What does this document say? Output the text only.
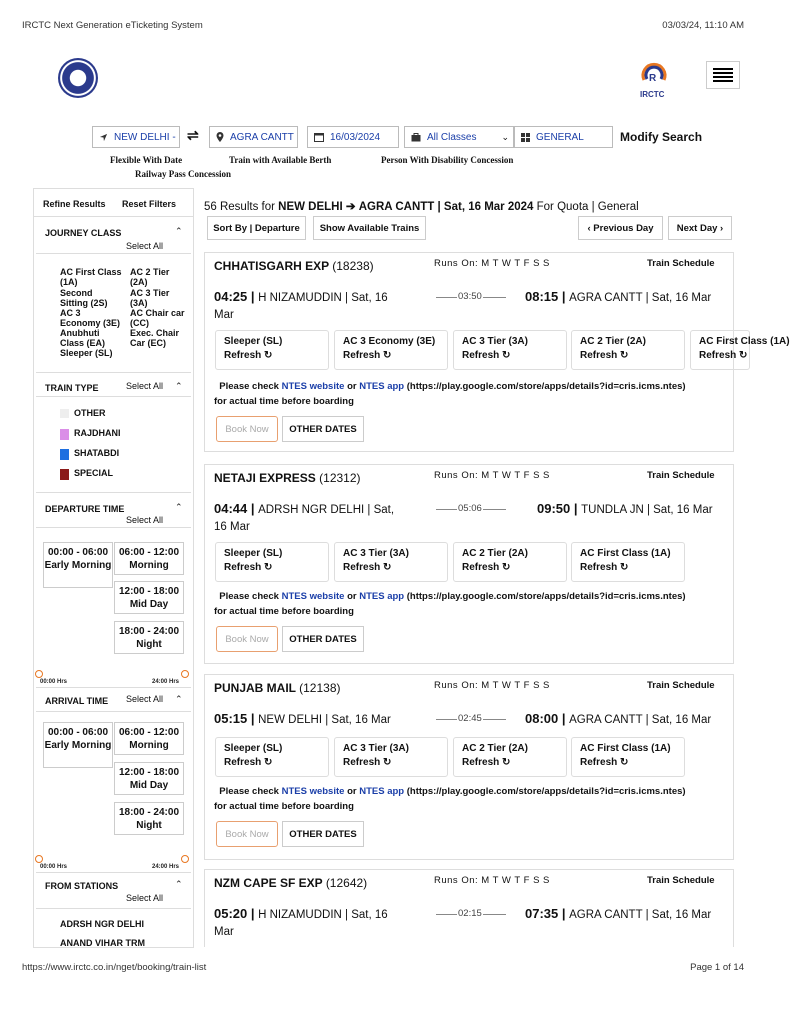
IRCTC Next Generation eTicketing System	03/03/24, 11:10 AM
R
IRCTC
NEW DELHI - ⇌	AGRA CANTT	16/03/2024	All Classes	⌄	GENERAL	Modify Search
Flexible With Date	Train with Available Berth	Person With Disability Concession
Railway Pass Concession
Refine Results Reset Filters
JOURNEY CLASS	⌃
Select All
AC First Class (1A)
AC 2 Tier (2A)
Second Sitting (2S)
AC 3 Tier (3A)
AC 3 Economy (3E)
AC Chair car (CC)
Anubhuti Class (EA)
Exec. Chair Car (EC)
Sleeper (SL)
TRAIN TYPE	Select All ⌃
OTHER
RAJDHANI
SHATABDI
SPECIAL
DEPARTURE TIME	⌃
Select All
00:00 - 06:00
Early Morning
06:00 - 12:00
Morning
12:00 - 18:00
Mid Day
18:00 - 24:00
Night
00:00 Hrs	24:00 Hrs
ARRIVAL TIME Select All ⌃
00:00 - 06:00
Early Morning
06:00 - 12:00
Morning
12:00 - 18:00
Mid Day
18:00 - 24:00
Night
00:00 Hrs	24:00 Hrs
FROM STATIONS	⌃
Select All
ADRSH NGR DELHI
ANAND VIHAR TRM
56 Results for NEW DELHI ➔ AGRA CANTT | Sat, 16 Mar 2024 For Quota | General
Sort By | Departure	Show Available Trains	‹ Previous Day Next Day ›
CHHATISGARH EXP (18238)	Runs On: M T W T F S S	Train Schedule
04:25 | H NIZAMUDDIN | Sat, 16
Mar
03:50	08:15 | AGRA CANTT | Sat, 16 Mar
Sleeper (SL)
Refresh ↻
AC 3 Economy (3E)
Refresh ↻
AC 3 Tier (3A)
Refresh ↻
AC 2 Tier (2A)
Refresh ↻
AC First Class (1A)
Refresh ↻
Please check NTES website or NTES app (https://play.google.com/store/apps/details?id=cris.icms.ntes)
for actual time before boarding
Book Now	OTHER DATES
NETAJI EXPRESS (12312)	Runs On: M T W T F S S	Train Schedule
04:44 | ADRSH NGR DELHI | Sat,
16 Mar
05:06	09:50 | TUNDLA JN | Sat, 16 Mar
Sleeper (SL)
Refresh ↻
AC 3 Tier (3A)
Refresh ↻
AC 2 Tier (2A)
Refresh ↻
AC First Class (1A)
Refresh ↻
Please check NTES website or NTES app (https://play.google.com/store/apps/details?id=cris.icms.ntes)
for actual time before boarding
Book Now	OTHER DATES
PUNJAB MAIL (12138)	Runs On: M T W T F S S	Train Schedule
05:15 | NEW DELHI | Sat, 16 Mar	02:45	08:00 | AGRA CANTT | Sat, 16 Mar
Sleeper (SL)
Refresh ↻
AC 3 Tier (3A)
Refresh ↻
AC 2 Tier (2A)
Refresh ↻
AC First Class (1A)
Refresh ↻
Please check NTES website or NTES app (https://play.google.com/store/apps/details?id=cris.icms.ntes)
for actual time before boarding
Book Now	OTHER DATES
NZM CAPE SF EXP (12642)	Runs On: M T W T F S S	Train Schedule
05:20 | H NIZAMUDDIN | Sat, 16
Mar
02:15	07:35 | AGRA CANTT | Sat, 16 Mar
https://www.irctc.co.in/nget/booking/train-list	Page 1 of 14
